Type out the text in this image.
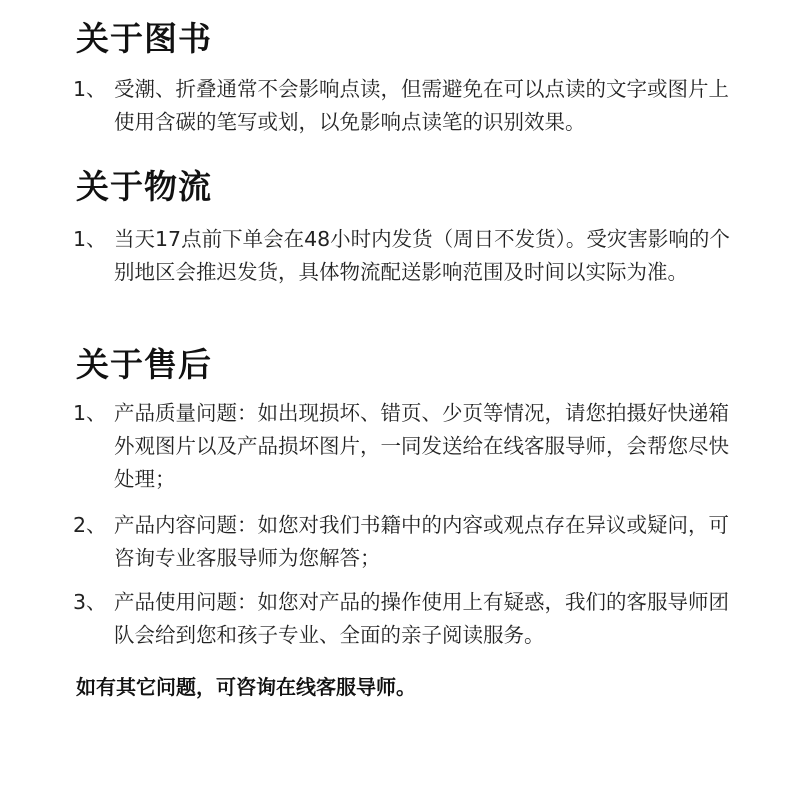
关于图书
1、 受潮、折叠通常不会影响点读，但需避免在可以点读的文字或图片上使用含碳的笔写或划，以免影响点读笔的识别效果。
关于物流
1、 当天17点前下单会在48小时内发货（周日不发货）。受灾害影响的个别地区会推迟发货，具体物流配送影响范围及时间以实际为准。
关于售后
1、 产品质量问题：如出现损坏、错页、少页等情况，请您拍摄好快递箱外观图片以及产品损坏图片，一同发送给在线客服导师，会帮您尽快处理；
2、 产品内容问题：如您对我们书籍中的内容或观点存在异议或疑问，可咨询专业客服导师为您解答；
3、 产品使用问题：如您对产品的操作使用上有疑惑，我们的客服导师团队会给到您和孩子专业、全面的亲子阅读服务。

如有其它问题，可咨询在线客服导师。
